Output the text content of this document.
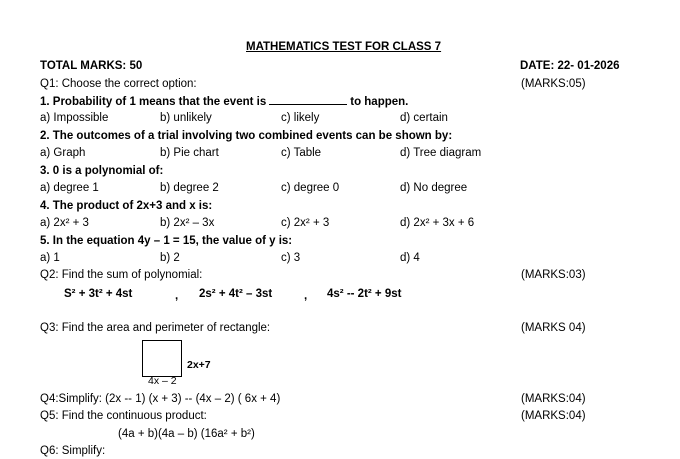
MATHEMATICS TEST FOR CLASS 7
TOTAL MARKS: 50	DATE: 22- 01-2026
Q1: Choose the correct option:	(MARKS:05)
1. Probability of 1 means that the event is	to happen.
a) Impossible	b) unlikely	c) likely	d) certain
2. The outcomes of a trial involving two combined events can be shown by:
a) Graph	b) Pie chart	c) Table	d) Tree diagram
3. 0 is a polynomial of:
a) degree 1	b) degree 2	c) degree 0	d) No degree
4. The product of 2x+3 and x is:
a) 2x² + 3	b) 2x² – 3x	c) 2x² + 3	d) 2x² + 3x + 6
5. In the equation 4y – 1 = 15, the value of y is:
a) 1	b) 2	c) 3	d) 4
Q2: Find the sum of polynomial:	(MARKS:03)
S² + 3t² + 4st	, 2s² + 4t² – 3st	, 4s² -- 2t² + 9st
Q3: Find the area and perimeter of rectangle:	(MARKS 04)
2x+7
4x – 2
Q4:Simplify: (2x -- 1) (x + 3) -- (4x – 2) ( 6x + 4)	(MARKS:04)
Q5: Find the continuous product:	(MARKS:04)
(4a + b)(4a – b) (16a² + b²)
Q6: Simplify:
